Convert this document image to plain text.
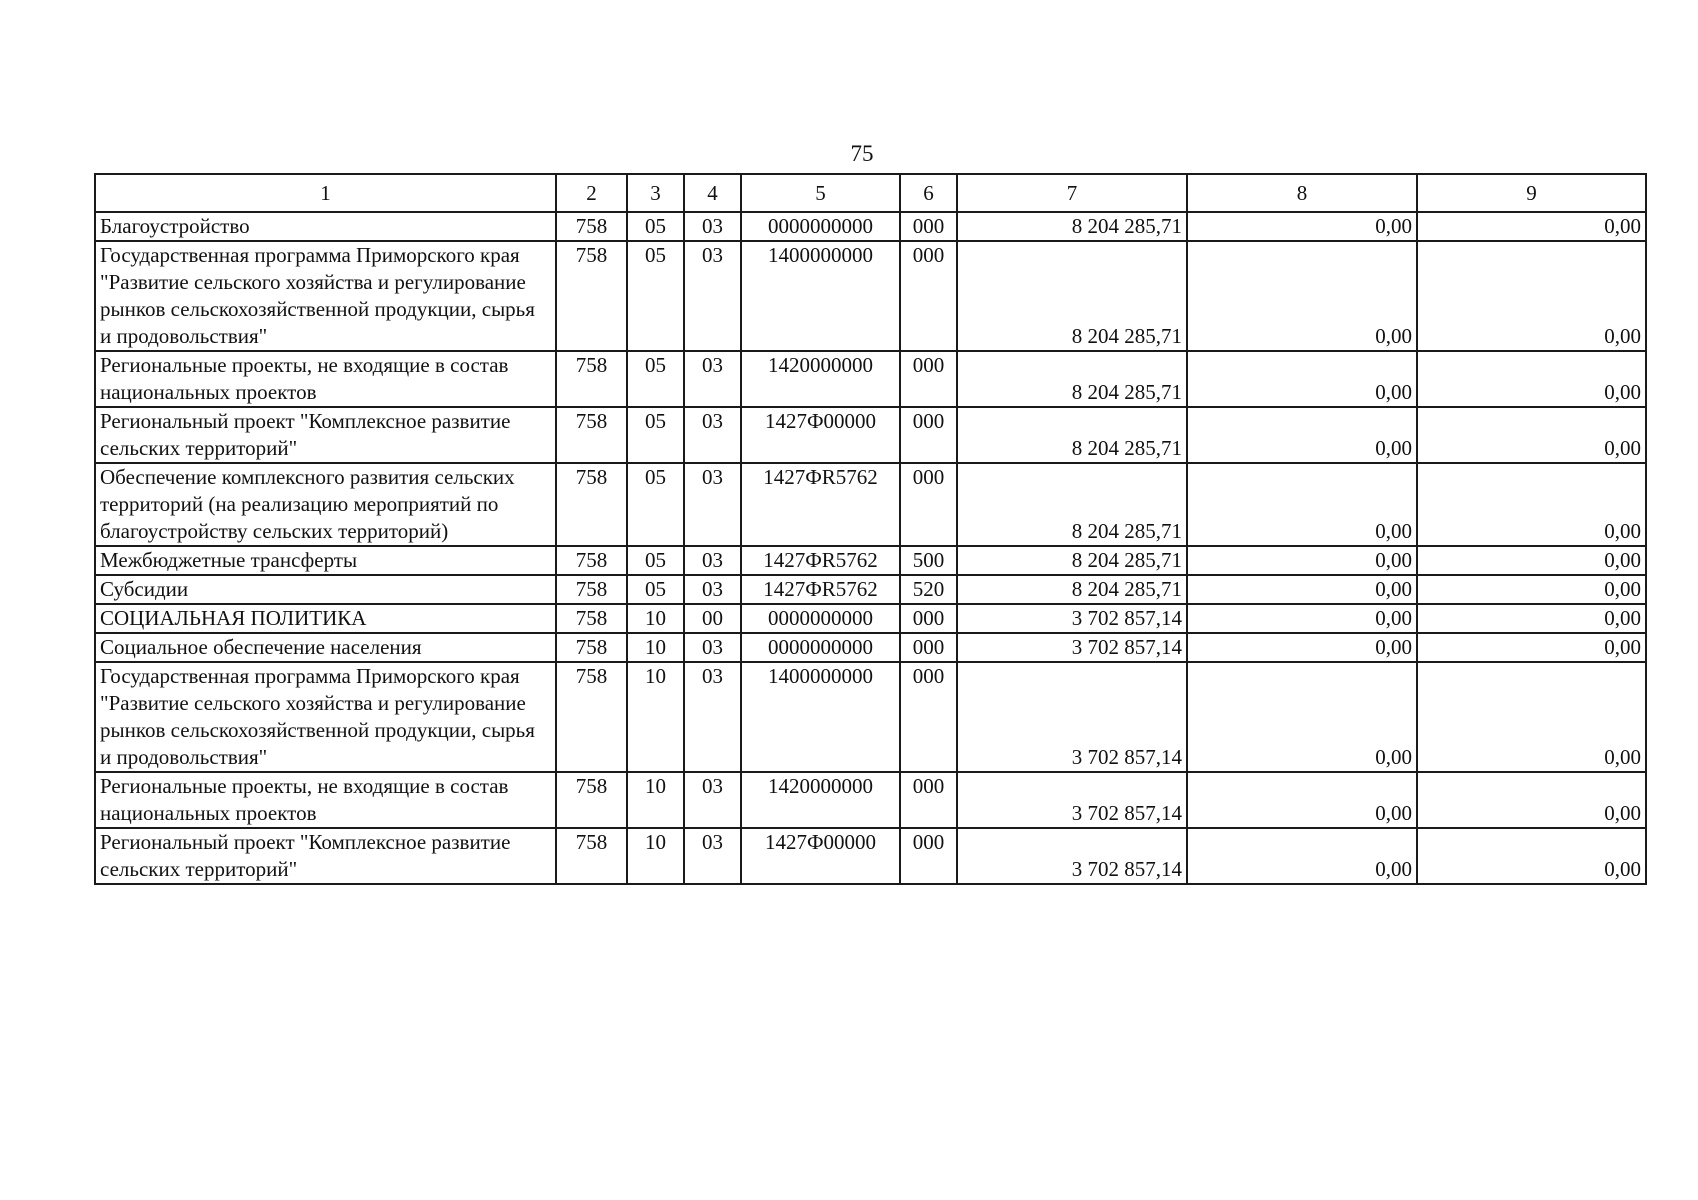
75
1	2	3	4	5	6	7	8	9
Благоустройство	758	05	03	0000000000	000	8 204 285,71	0,00	0,00
Государственная программа Приморского края "Развитие сельского хозяйства и регулирование рынков сельскохозяйственной продукции, сырья и продовольствия"	758	05	03	1400000000	000	8 204 285,71	0,00	0,00
Региональные проекты, не входящие в состав национальных проектов	758	05	03	1420000000	000	8 204 285,71	0,00	0,00
Региональный проект "Комплексное развитие сельских территорий"	758	05	03	1427Ф00000	000	8 204 285,71	0,00	0,00
Обеспечение комплексного развития сельских территорий (на реализацию мероприятий по благоустройству сельских территорий)	758	05	03	1427ФR5762	000	8 204 285,71	0,00	0,00
Межбюджетные трансферты	758	05	03	1427ФR5762	500	8 204 285,71	0,00	0,00
Субсидии	758	05	03	1427ФR5762	520	8 204 285,71	0,00	0,00
СОЦИАЛЬНАЯ ПОЛИТИКА	758	10	00	0000000000	000	3 702 857,14	0,00	0,00
Социальное обеспечение населения	758	10	03	0000000000	000	3 702 857,14	0,00	0,00
Государственная программа Приморского края "Развитие сельского хозяйства и регулирование рынков сельскохозяйственной продукции, сырья и продовольствия"	758	10	03	1400000000	000	3 702 857,14	0,00	0,00
Региональные проекты, не входящие в состав национальных проектов	758	10	03	1420000000	000	3 702 857,14	0,00	0,00
Региональный проект "Комплексное развитие сельских территорий"	758	10	03	1427Ф00000	000	3 702 857,14	0,00	0,00
